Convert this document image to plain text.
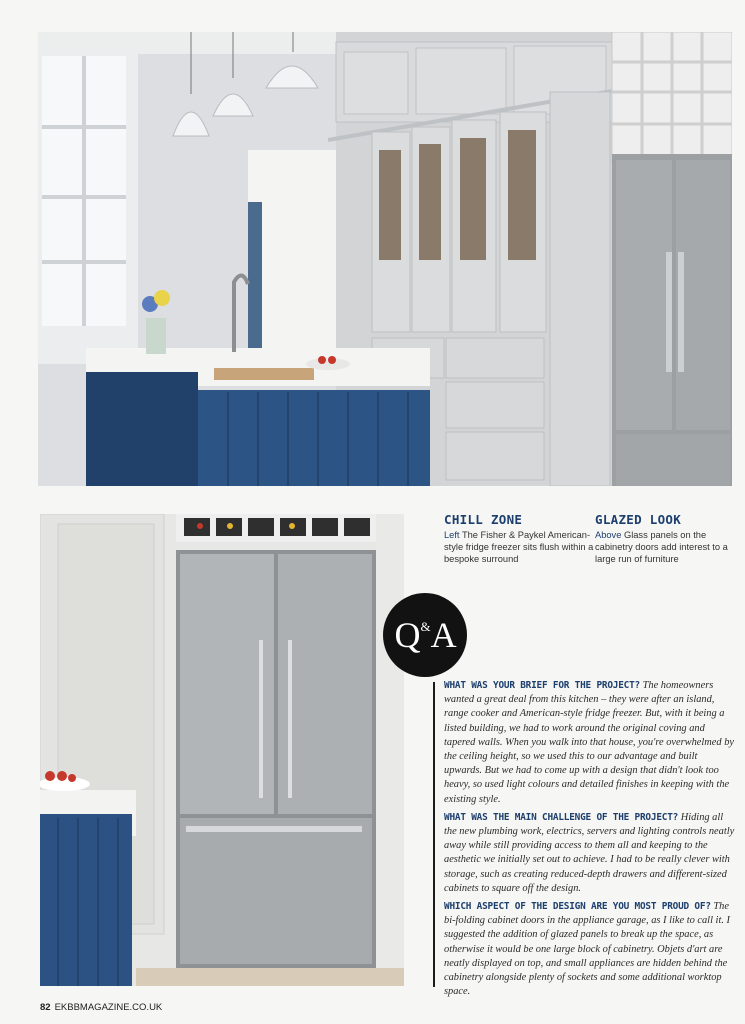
CHILL ZONE

Left The Fisher & Paykel American-style fridge freezer sits flush within a bespoke surround

GLAZED LOOK

Above Glass panels on the cabinetry doors add interest to a large run of furniture

Q & A

WHAT WAS YOUR BRIEF FOR THE PROJECT? The homeowners wanted a great deal from this kitchen – they were after an island, range cooker and American-style fridge freezer. But, with it being a listed building, we had to work around the original coving and tapered walls. When you walk into that house, you're overwhelmed by the ceiling height, so we used this to our advantage and built upwards. But we had to come up with a design that didn't look too heavy, so used light colours and detailed finishes in keeping with the existing style.

WHAT WAS THE MAIN CHALLENGE OF THE PROJECT? Hiding all the new plumbing work, electrics, servers and lighting controls neatly away while still providing access to them all and keeping to the aesthetic we initially set out to achieve. I had to be really clever with storage, such as creating reduced-depth drawers and different-sized cabinets to square off the design.

WHICH ASPECT OF THE DESIGN ARE YOU MOST PROUD OF? The bi-folding cabinet doors in the appliance garage, as I like to call it. I suggested the addition of glazed panels to break up the space, as otherwise it would be one large block of cabinetry. Objets d'art are neatly displayed on top, and small appliances are hidden behind the cabinetry alongside plenty of sockets and some additional worktop space.

82 EKBBMAGAZINE.CO.UK
